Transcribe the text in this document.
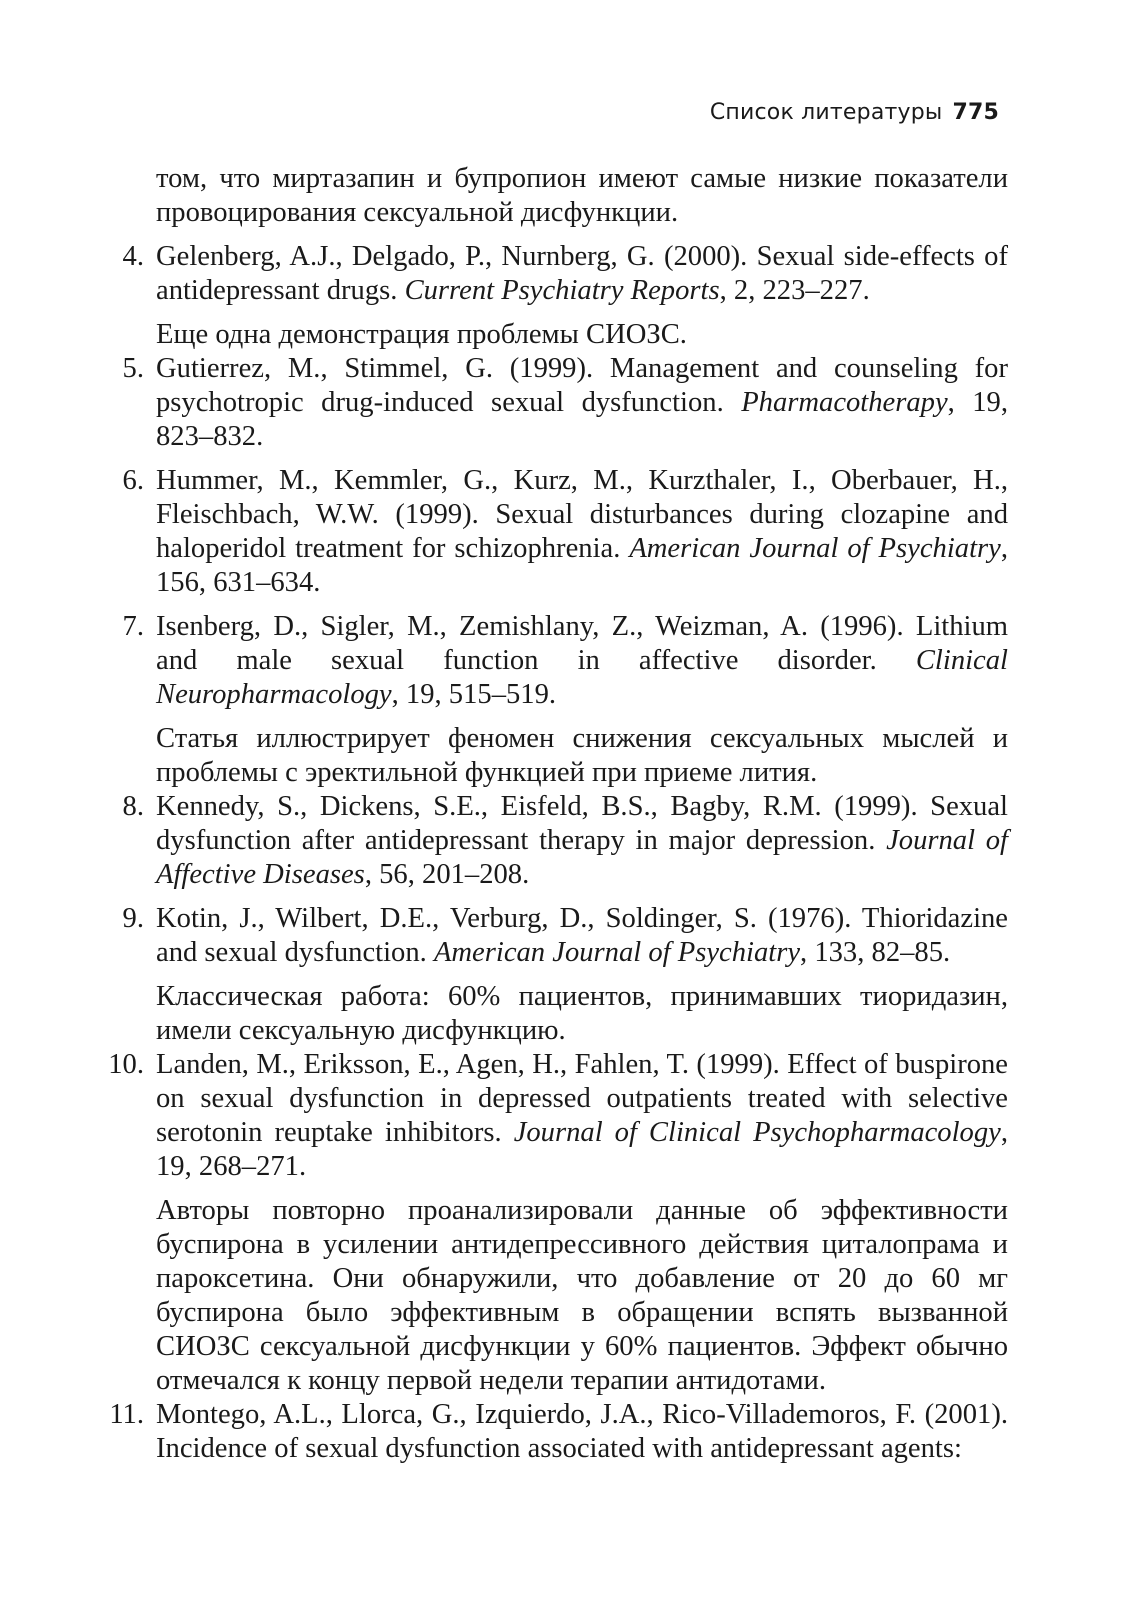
Список литературы 775

том, что миртазапин и бупропион имеют самые низкие показатели провоцирования сексуальной дисфункции.

4. Gelenberg, A.J., Delgado, P., Nurnberg, G. (2000). Sexual side-effects of antidepressant drugs. Current Psychiatry Reports, 2, 223–227.

Еще одна демонстрация проблемы СИОЗС.

5. Gutierrez, M., Stimmel, G. (1999). Management and counseling for psychotropic drug-induced sexual dysfunction. Pharmacotherapy, 19, 823–832.

6. Hummer, M., Kemmler, G., Kurz, M., Kurzthaler, I., Oberbauer, H., Fleischbach, W.W. (1999). Sexual disturbances during clozapine and haloperidol treatment for schizophrenia. American Journal of Psychiatry, 156, 631–634.

7. Isenberg, D., Sigler, M., Zemishlany, Z., Weizman, A. (1996). Lithium and male sexual function in affective disorder. Clinical Neuropharmacology, 19, 515–519.

Статья иллюстрирует феномен снижения сексуальных мыслей и проблемы с эректильной функцией при приеме лития.

8. Kennedy, S., Dickens, S.E., Eisfeld, B.S., Bagby, R.M. (1999). Sexual dysfunction after antidepressant therapy in major depression. Journal of Affective Diseases, 56, 201–208.

9. Kotin, J., Wilbert, D.E., Verburg, D., Soldinger, S. (1976). Thioridazine and sexual dysfunction. American Journal of Psychiatry, 133, 82–85.

Классическая работа: 60% пациентов, принимавших тиоридазин, имели сексуальную дисфункцию.

10. Landen, M., Eriksson, E., Agen, H., Fahlen, T. (1999). Effect of buspirone on sexual dysfunction in depressed outpatients treated with selective serotonin reuptake inhibitors. Journal of Clinical Psychopharmacology, 19, 268–271.

Авторы повторно проанализировали данные об эффективности буспирона в усилении антидепрессивного действия циталопрама и пароксетина. Они обнаружили, что добавление от 20 до 60 мг буспирона было эффективным в обращении вспять вызванной СИОЗС сексуальной дисфункции у 60% пациентов. Эффект обычно отмечался к концу первой недели терапии антидотами.

11. Montego, A.L., Llorca, G., Izquierdo, J.A., Rico-Villademoros, F. (2001). Incidence of sexual dysfunction associated with antidepressant agents:
